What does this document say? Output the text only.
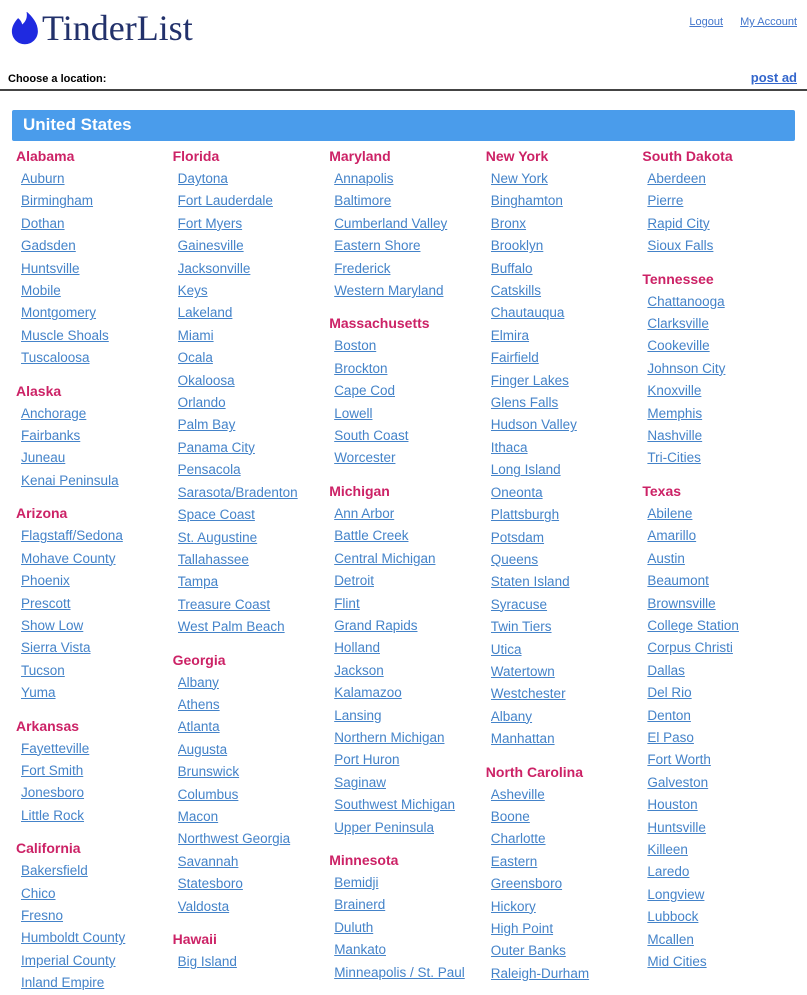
TinderList	Logout My Account
Choose a location:	post ad
United States
Alabama
Auburn
Birmingham
Dothan
Gadsden
Huntsville
Mobile
Montgomery
Muscle Shoals
Tuscaloosa
Alaska
Anchorage
Fairbanks
Juneau
Kenai Peninsula
Arizona
Flagstaff/Sedona
Mohave County
Phoenix
Prescott
Show Low
Sierra Vista
Tucson
Yuma
Arkansas
Fayetteville
Fort Smith
Jonesboro
Little Rock
California
Bakersfield
Chico
Fresno
Humboldt County
Imperial County
Inland Empire
Florida
Daytona
Fort Lauderdale
Fort Myers
Gainesville
Jacksonville
Keys
Lakeland
Miami
Ocala
Okaloosa
Orlando
Palm Bay
Panama City
Pensacola
Sarasota/Bradenton
Space Coast
St. Augustine
Tallahassee
Tampa
Treasure Coast
West Palm Beach
Georgia
Albany
Athens
Atlanta
Augusta
Brunswick
Columbus
Macon
Northwest Georgia
Savannah
Statesboro
Valdosta
Hawaii
Big Island
Maryland
Annapolis
Baltimore
Cumberland Valley
Eastern Shore
Frederick
Western Maryland
Massachusetts
Boston
Brockton
Cape Cod
Lowell
South Coast
Worcester
Michigan
Ann Arbor
Battle Creek
Central Michigan
Detroit
Flint
Grand Rapids
Holland
Jackson
Kalamazoo
Lansing
Northern Michigan
Port Huron
Saginaw
Southwest Michigan
Upper Peninsula
Minnesota
Bemidji
Brainerd
Duluth
Mankato
Minneapolis / St. Paul
New York
New York
Binghamton
Bronx
Brooklyn
Buffalo
Catskills
Chautauqua
Elmira
Fairfield
Finger Lakes
Glens Falls
Hudson Valley
Ithaca
Long Island
Oneonta
Plattsburgh
Potsdam
Queens
Staten Island
Syracuse
Twin Tiers
Utica
Watertown
Westchester
Albany
Manhattan
North Carolina
Asheville
Boone
Charlotte
Eastern
Greensboro
Hickory
High Point
Outer Banks
Raleigh-Durham
South Dakota
Aberdeen
Pierre
Rapid City
Sioux Falls
Tennessee
Chattanooga
Clarksville
Cookeville
Johnson City
Knoxville
Memphis
Nashville
Tri-Cities
Texas
Abilene
Amarillo
Austin
Beaumont
Brownsville
College Station
Corpus Christi
Dallas
Del Rio
Denton
El Paso
Fort Worth
Galveston
Houston
Huntsville
Killeen
Laredo
Longview
Lubbock
Mcallen
Mid Cities
